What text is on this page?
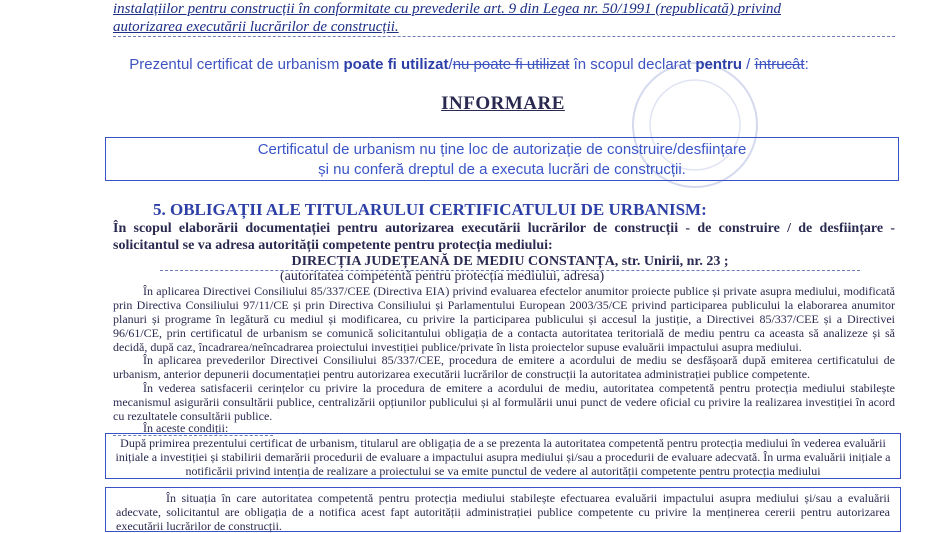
instalațiilor pentru construcții în conformitate cu prevederile art. 9 din Legea nr. 50/1991 (republicată) privind
autorizarea executării lucrărilor de construcții.
Prezentul certificat de urbanism poate fi utilizat/nu poate fi utilizat în scopul declarat pentru / întrucât:
INFORMARE
Certificatul de urbanism nu ține loc de autorizație de construire/desființare
și nu conferă dreptul de a executa lucrări de construcții.
5. OBLIGAȚII ALE TITULARULUI CERTIFICATULUI DE URBANISM:
În scopul elaborării documentației pentru autorizarea executării lucrărilor de construcții - de construire / de desființare - solicitantul se va adresa autorității competente pentru protecția mediului:
DIRECȚIA JUDEȚEANĂ DE MEDIU CONSTANȚA, str. Unirii, nr. 23 ;
(autoritatea competentă pentru protecția mediului, adresa)
În aplicarea Directivei Consiliului 85/337/CEE (Directiva EIA) privind evaluarea efectelor anumitor proiecte publice și private asupra mediului, modificată prin Directiva Consiliului 97/11/CE și prin Directiva Consiliului și Parlamentului European 2003/35/CE privind participarea publicului la elaborarea anumitor planuri și programe în legătură cu mediul și modificarea, cu privire la participarea publicului și accesul la justiție, a Directivei 85/337/CEE și a Directivei 96/61/CE, prin certificatul de urbanism se comunică solicitantului obligația de a contacta autoritatea teritorială de mediu pentru ca aceasta să analizeze și să decidă, după caz, încadrarea/neîncadrarea proiectului investiției publice/private în lista proiectelor supuse evaluării impactului asupra mediului.
În aplicarea prevederilor Directivei Consiliului 85/337/CEE, procedura de emitere a acordului de mediu se desfășoară după emiterea certificatului de urbanism, anterior depunerii documentației pentru autorizarea executării lucrărilor de construcții la autoritatea administrației publice competente.
În vederea satisfacerii cerințelor cu privire la procedura de emitere a acordului de mediu, autoritatea competentă pentru protecția mediului stabilește mecanismul asigurării consultării publice, centralizării opțiunilor publicului și al formulării unui punct de vedere oficial cu privire la realizarea investiției în acord cu rezultatele consultării publice.
În aceste condiții:
După primirea prezentului certificat de urbanism, titularul are obligația de a se prezenta la autoritatea competentă pentru protecția mediului în vederea evaluării inițiale a investiției și stabilirii demarării procedurii de evaluare a impactului asupra mediului și/sau a procedurii de evaluare adecvată. În urma evaluării inițiale a notificării privind intenția de realizare a proiectului se va emite punctul de vedere al autorității competente pentru protecția mediului
În situația în care autoritatea competentă pentru protecția mediului stabilește efectuarea evaluării impactului asupra mediului și/sau a evaluării adecvate, solicitantul are obligația de a notifica acest fapt autorității administrației publice competente cu privire la menținerea cererii pentru autorizarea executării lucrărilor de construcții.
